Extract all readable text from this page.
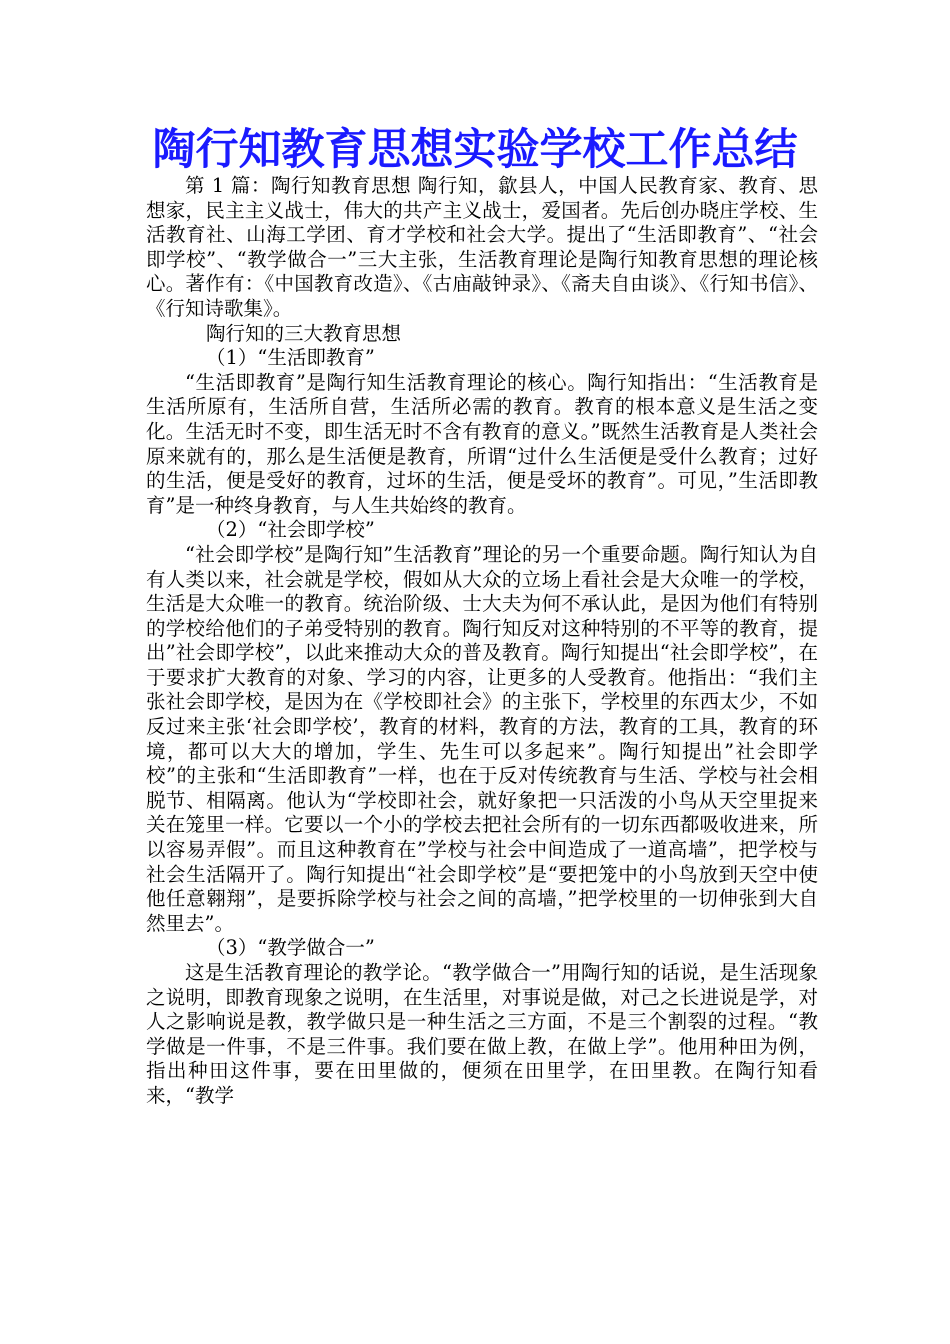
陶行知教育思想实验学校工作总结

第 1 篇：陶行知教育思想 陶行知，歙县人，中国人民教育家、教育、思想家，民主主义战士，伟大的共产主义战士，爱国者。先后创办晓庄学校、生活教育社、山海工学团、育才学校和社会大学。提出了“生活即教育”、“社会即学校”、“教学做合一”三大主张，生活教育理论是陶行知教育思想的理论核心。著作有：《中国教育改造》、《古庙敲钟录》、《斋夫自由谈》、《行知书信》、《行知诗歌集》。

陶行知的三大教育思想

（1）“生活即教育”

“生活即教育”是陶行知生活教育理论的核心。陶行知指出：“生活教育是生活所原有，生活所自营，生活所必需的教育。教育的根本意义是生活之变化。生活无时不变，即生活无时不含有教育的意义。”既然生活教育是人类社会原来就有的，那么是生活便是教育，所谓“过什么生活便是受什么教育；过好的生活，便是受好的教育，过坏的生活，便是受坏的教育”。可见，”生活即教育”是一种终身教育，与人生共始终的教育。

（2）“社会即学校”

“社会即学校”是陶行知”生活教育”理论的另一个重要命题。陶行知认为自有人类以来，社会就是学校，假如从大众的立场上看社会是大众唯一的学校，生活是大众唯一的教育。统治阶级、士大夫为何不承认此，是因为他们有特别的学校给他们的子弟受特别的教育。陶行知反对这种特别的不平等的教育，提出”社会即学校”，以此来推动大众的普及教育。陶行知提出“社会即学校”，在于要求扩大教育的对象、学习的内容，让更多的人受教育。他指出：“我们主张社会即学校，是因为在《学校即社会》的主张下，学校里的东西太少，不如反过来主张‘社会即学校’，教育的材料，教育的方法，教育的工具，教育的环境，都可以大大的增加，学生、先生可以多起来”。陶行知提出”社会即学校”的主张和“生活即教育”一样，也在于反对传统教育与生活、学校与社会相脱节、相隔离。他认为“学校即社会，就好象把一只活泼的小鸟从天空里捉来关在笼里一样。它要以一个小的学校去把社会所有的一切东西都吸收进来，所以容易弄假”。而且这种教育在”学校与社会中间造成了一道高墙”，把学校与社会生活隔开了。陶行知提出“社会即学校”是“要把笼中的小鸟放到天空中使他任意翱翔”，是要拆除学校与社会之间的高墙，”把学校里的一切伸张到大自然里去”。

（3）“教学做合一”

这是生活教育理论的教学论。“教学做合一”用陶行知的话说，是生活现象之说明，即教育现象之说明，在生活里，对事说是做，对己之长进说是学，对人之影响说是教，教学做只是一种生活之三方面，不是三个割裂的过程。“教学做是一件事，不是三件事。我们要在做上教，在做上学”。他用种田为例，指出种田这件事，要在田里做的，便须在田里学，在田里教。在陶行知看来，“教学
